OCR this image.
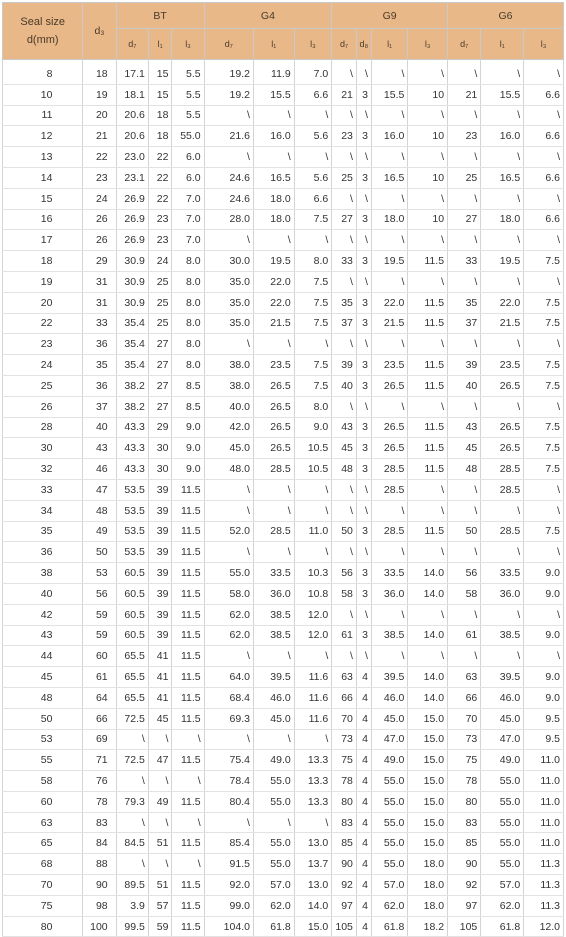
Seal size
d(mm)	d₃	BT			G4			G9				G6		
		d₇	l₁	l₃	d₇	l₁	l₃	d₇	d₈	l₁	l₃	d₇	l₁	l₃
8	18	17.1	15	5.5	19.2	11.9	7.0	\	\	\	\	\	\	\
10	19	18.1	15	5.5	19.2	15.5	6.6	21	3	15.5	10	21	15.5	6.6
11	20	20.6	18	5.5	\	\	\	\	\	\	\	\	\	\
12	21	20.6	18	55.0	21.6	16.0	5.6	23	3	16.0	10	23	16.0	6.6
13	22	23.0	22	6.0	\	\	\	\	\	\	\	\	\	\
14	23	23.1	22	6.0	24.6	16.5	5.6	25	3	16.5	10	25	16.5	6.6
15	24	26.9	22	7.0	24.6	18.0	6.6	\	\	\	\	\	\	\
16	26	26.9	23	7.0	28.0	18.0	7.5	27	3	18.0	10	27	18.0	6.6
17	26	26.9	23	7.0	\	\	\	\	\	\	\	\	\	\
18	29	30.9	24	8.0	30.0	19.5	8.0	33	3	19.5	11.5	33	19.5	7.5
19	31	30.9	25	8.0	35.0	22.0	7.5	\	\	\	\	\	\	\
20	31	30.9	25	8.0	35.0	22.0	7.5	35	3	22.0	11.5	35	22.0	7.5
22	33	35.4	25	8.0	35.0	21.5	7.5	37	3	21.5	11.5	37	21.5	7.5
23	36	35.4	27	8.0	\	\	\	\	\	\	\	\	\	\
24	35	35.4	27	8.0	38.0	23.5	7.5	39	3	23.5	11.5	39	23.5	7.5
25	36	38.2	27	8.5	38.0	26.5	7.5	40	3	26.5	11.5	40	26.5	7.5
26	37	38.2	27	8.5	40.0	26.5	8.0	\	\	\	\	\	\	\
28	40	43.3	29	9.0	42.0	26.5	9.0	43	3	26.5	11.5	43	26.5	7.5
30	43	43.3	30	9.0	45.0	26.5	10.5	45	3	26.5	11.5	45	26.5	7.5
32	46	43.3	30	9.0	48.0	28.5	10.5	48	3	28.5	11.5	48	28.5	7.5
33	47	53.5	39	11.5	\	\	\	\	\	28.5	\	\	28.5	\
34	48	53.5	39	11.5	\	\	\	\	\	\	\	\	\	\
35	49	53.5	39	11.5	52.0	28.5	11.0	50	3	28.5	11.5	50	28.5	7.5
36	50	53.5	39	11.5	\	\	\	\	\	\	\	\	\	\
38	53	60.5	39	11.5	55.0	33.5	10.3	56	3	33.5	14.0	56	33.5	9.0
40	56	60.5	39	11.5	58.0	36.0	10.8	58	3	36.0	14.0	58	36.0	9.0
42	59	60.5	39	11.5	62.0	38.5	12.0	\	\	\	\	\	\	\
43	59	60.5	39	11.5	62.0	38.5	12.0	61	3	38.5	14.0	61	38.5	9.0
44	60	65.5	41	11.5	\	\	\	\	\	\	\	\	\	\
45	61	65.5	41	11.5	64.0	39.5	11.6	63	4	39.5	14.0	63	39.5	9.0
48	64	65.5	41	11.5	68.4	46.0	11.6	66	4	46.0	14.0	66	46.0	9.0
50	66	72.5	45	11.5	69.3	45.0	11.6	70	4	45.0	15.0	70	45.0	9.5
53	69	\	\	\	\	\	\	73	4	47.0	15.0	73	47.0	9.5
55	71	72.5	47	11.5	75.4	49.0	13.3	75	4	49.0	15.0	75	49.0	11.0
58	76	\	\	\	78.4	55.0	13.3	78	4	55.0	15.0	78	55.0	11.0
60	78	79.3	49	11.5	80.4	55.0	13.3	80	4	55.0	15.0	80	55.0	11.0
63	83	\	\	\	\	\	\	83	4	55.0	15.0	83	55.0	11.0
65	84	84.5	51	11.5	85.4	55.0	13.0	85	4	55.0	15.0	85	55.0	11.0
68	88	\	\	\	91.5	55.0	13.7	90	4	55.0	18.0	90	55.0	11.3
70	90	89.5	51	11.5	92.0	57.0	13.0	92	4	57.0	18.0	92	57.0	11.3
75	98	3.9	57	11.5	99.0	62.0	14.0	97	4	62.0	18.0	97	62.0	11.3
80	100	99.5	59	11.5	104.0	61.8	15.0	105	4	61.8	18.2	105	61.8	12.0
